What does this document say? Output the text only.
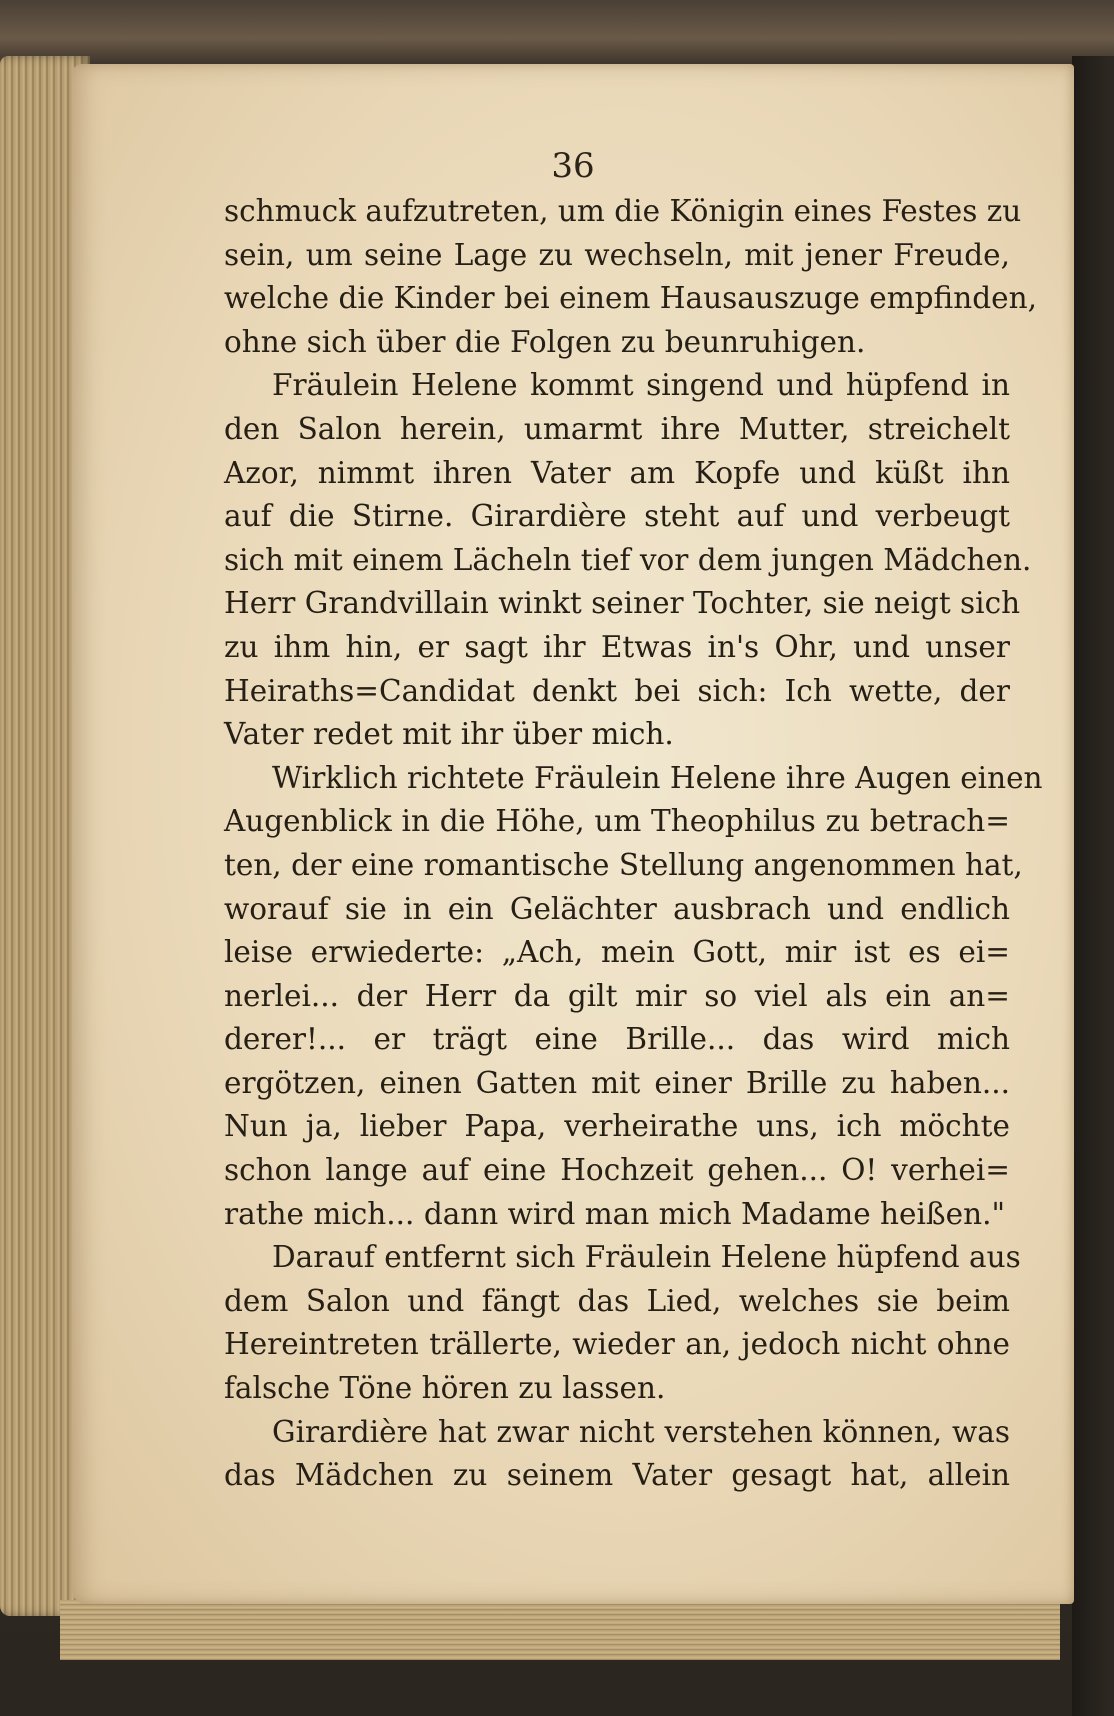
36
schmuck aufzutreten, um die Königin eines Festes zu
sein, um seine Lage zu wechseln, mit jener Freude,
welche die Kinder bei einem Hausauszuge empfinden,
ohne sich über die Folgen zu beunruhigen.
Fräulein Helene kommt singend und hüpfend in
den Salon herein, umarmt ihre Mutter, streichelt
Azor, nimmt ihren Vater am Kopfe und küßt ihn
auf die Stirne. Girardière steht auf und verbeugt
sich mit einem Lächeln tief vor dem jungen Mädchen.
Herr Grandvillain winkt seiner Tochter, sie neigt sich
zu ihm hin, er sagt ihr Etwas in's Ohr, und unser
Heiraths=Candidat denkt bei sich: Ich wette, der
Vater redet mit ihr über mich.
Wirklich richtete Fräulein Helene ihre Augen einen
Augenblick in die Höhe, um Theophilus zu betrach=
ten, der eine romantische Stellung angenommen hat,
worauf sie in ein Gelächter ausbrach und endlich
leise erwiederte: „Ach, mein Gott, mir ist es ei=
nerlei... der Herr da gilt mir so viel als ein an=
derer!... er trägt eine Brille... das wird mich
ergötzen, einen Gatten mit einer Brille zu haben...
Nun ja, lieber Papa, verheirathe uns, ich möchte
schon lange auf eine Hochzeit gehen... O! verhei=
rathe mich... dann wird man mich Madame heißen."
Darauf entfernt sich Fräulein Helene hüpfend aus
dem Salon und fängt das Lied, welches sie beim
Hereintreten trällerte, wieder an, jedoch nicht ohne
falsche Töne hören zu lassen.
Girardière hat zwar nicht verstehen können, was
das Mädchen zu seinem Vater gesagt hat, allein
